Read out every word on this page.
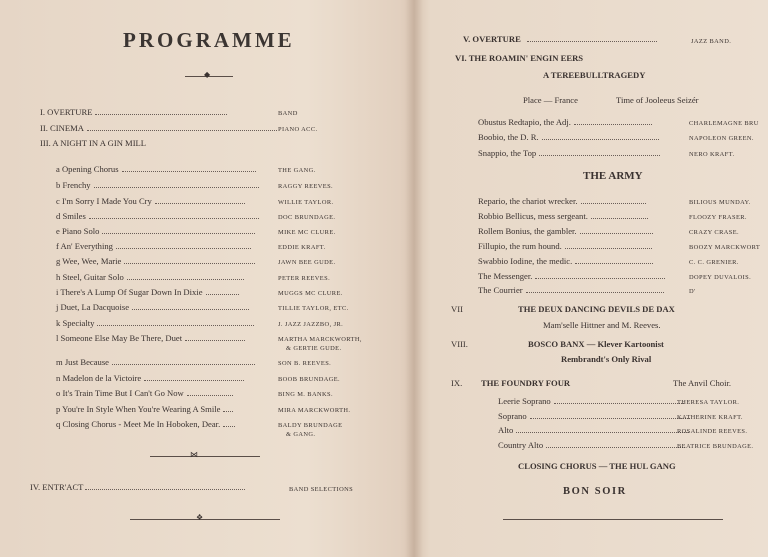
PROGRAMME
◆
I. OVERTURE	BAND
II. CINEMA	PIANO ACC.
III. A NIGHT IN A GIN MILL
a Opening Chorus	THE GANG.
b Frenchy	RAGGY REEVES.
c I'm Sorry I Made You Cry	WILLIE TAYLOR.
d Smiles	DOC BRUNDAGE.
e Piano Solo	MIKE MC CLURE.
f An' Everything	EDDIE KRAFT.
g Wee, Wee, Marie	JAWN BEE GUDE.
h Steel, Guitar Solo	PETER REEVES.
i There's A Lump Of Sugar Down In Dixie	MUGGS MC CLURE.
j Duet, La Dacquoise	TILLIE TAYLOR, ETC.
k Specialty	J. JAZZ JAZZBO, JR.
l Someone Else May Be There, Duet	MARTHA MARCKWORTH,
& GERTIE GUDE.
m Just Because	SON B. REEVES.
n Madelon de la Victoire	BOOB BRUNDAGE.
o It's Train Time But I Can't Go Now	BING M. BANKS.
p You're In Style When You're Wearing A Smile	MIRA MARCKWORTH.
q Closing Chorus - Meet Me In Hoboken, Dear.	BALDY BRUNDAGE
& GANG.
⋈
IV. ENTR'ACT	BAND SELECTIONS
❖
V. OVERTURE	JAZZ BAND.
VI. THE ROAMIN' ENGIN EERS
A TEREEBULLTRAGEDY
Place — France	Time of Jooleeus Seizér
Obustus Redtapio, the Adj.	CHARLEMAGNE BRU
Boobio, the D. R.	NAPOLEON GREEN.
Snappio, the Top	NERO KRAFT.
THE ARMY
Repario, the chariot wrecker.	BILIOUS MUNDAY.
Robbio Bellicus, mess sergeant.	FLOOZY FRASER.
Rollem Bonius, the gambler.	CRAZY CRASE.
Fillupio, the rum hound.	BOOZY MARCKWORT
Swabbio Iodine, the medic.	C. C. GRENIER.
The Messenger.	DOPEY DUVALOIS.
The Courrier	D'
VII	THE DEUX DANCING DEVILS DE DAX
Mam'selle Hittner and M. Reeves.
VIII.	BOSCO BANX — Klever Kartoonist
Rembrandt's Only Rival
IX. THE FOUNDRY FOUR	The Anvil Choir.
Leerie Soprano	THERESA TAYLOR.
Soprano	KATHERINE KRAFT.
Alto	ROSALINDE REEVES.
Country Alto	BEATRICE BRUNDAGE.
CLOSING CHORUS — THE HUL GANG
BON SOIR
